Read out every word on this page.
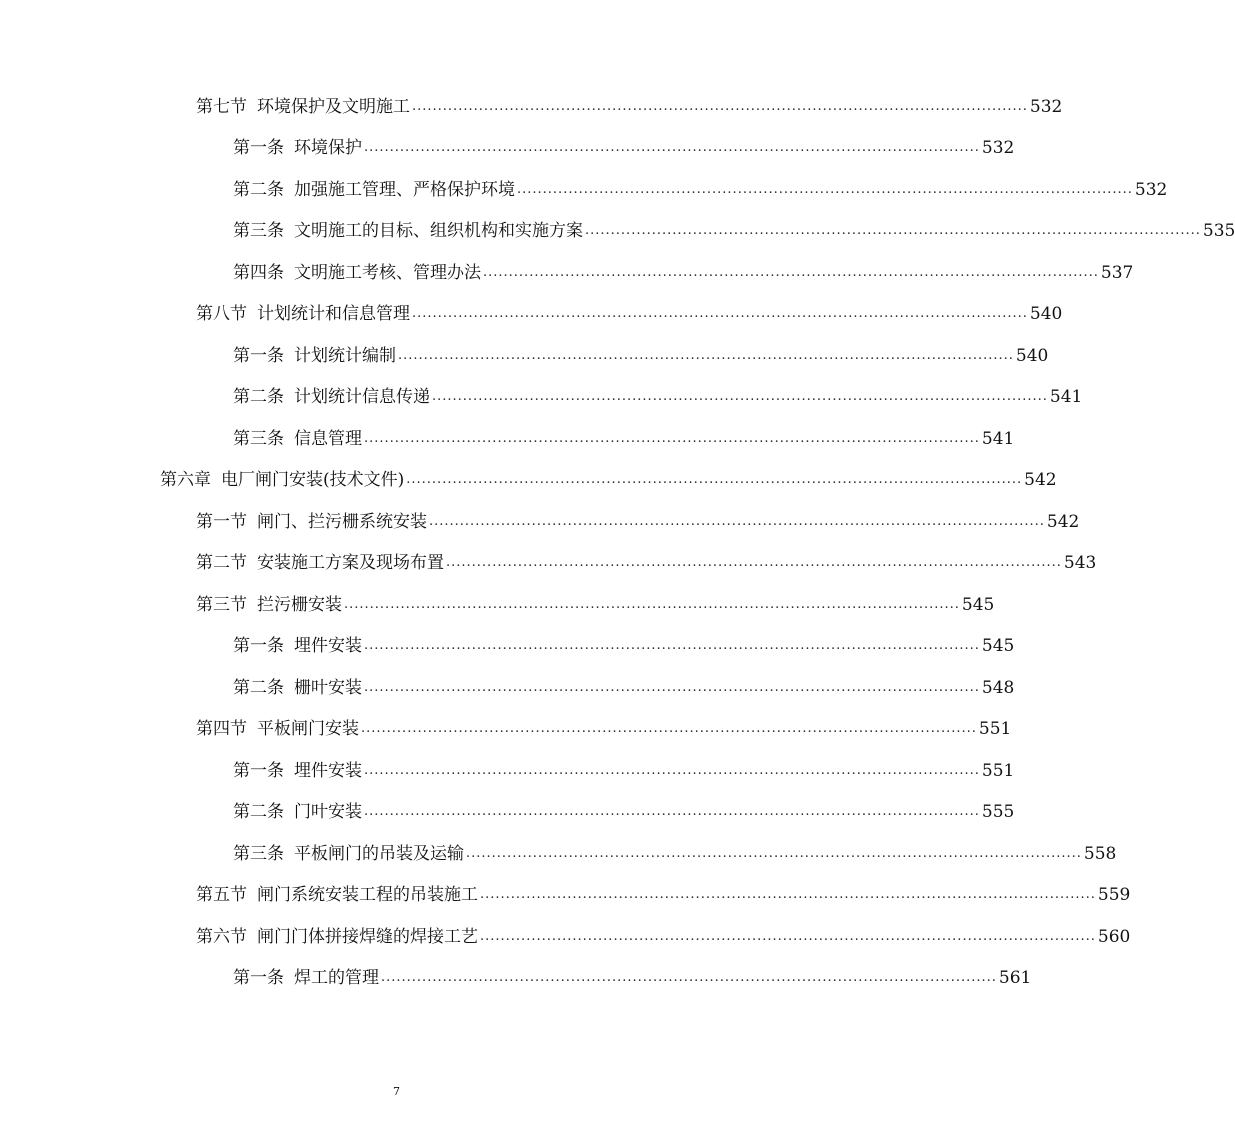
第七节 环境保护及文明施工 ........................................................................................................................ 532
第一条 环境保护 ........................................................................................................................ 532
第二条 加强施工管理、严格保护环境 ........................................................................................................................ 532
第三条 文明施工的目标、组织机构和实施方案 ........................................................................................................................ 535
第四条 文明施工考核、管理办法 ........................................................................................................................ 537
第八节 计划统计和信息管理 ........................................................................................................................ 540
第一条 计划统计编制 ........................................................................................................................ 540
第二条 计划统计信息传递 ........................................................................................................................ 541
第三条 信息管理 ........................................................................................................................ 541
第六章 电厂闸门安装(技术文件) ........................................................................................................................ 542
第一节 闸门、拦污栅系统安装 ........................................................................................................................ 542
第二节 安装施工方案及现场布置 ........................................................................................................................ 543
第三节 拦污栅安装 ........................................................................................................................ 545
第一条 埋件安装 ........................................................................................................................ 545
第二条 栅叶安装 ........................................................................................................................ 548
第四节 平板闸门安装 ........................................................................................................................ 551
第一条 埋件安装 ........................................................................................................................ 551
第二条 门叶安装 ........................................................................................................................ 555
第三条 平板闸门的吊装及运输 ........................................................................................................................ 558
第五节 闸门系统安装工程的吊装施工 ........................................................................................................................ 559
第六节 闸门门体拼接焊缝的焊接工艺 ........................................................................................................................ 560
第一条 焊工的管理 ........................................................................................................................ 561
7
